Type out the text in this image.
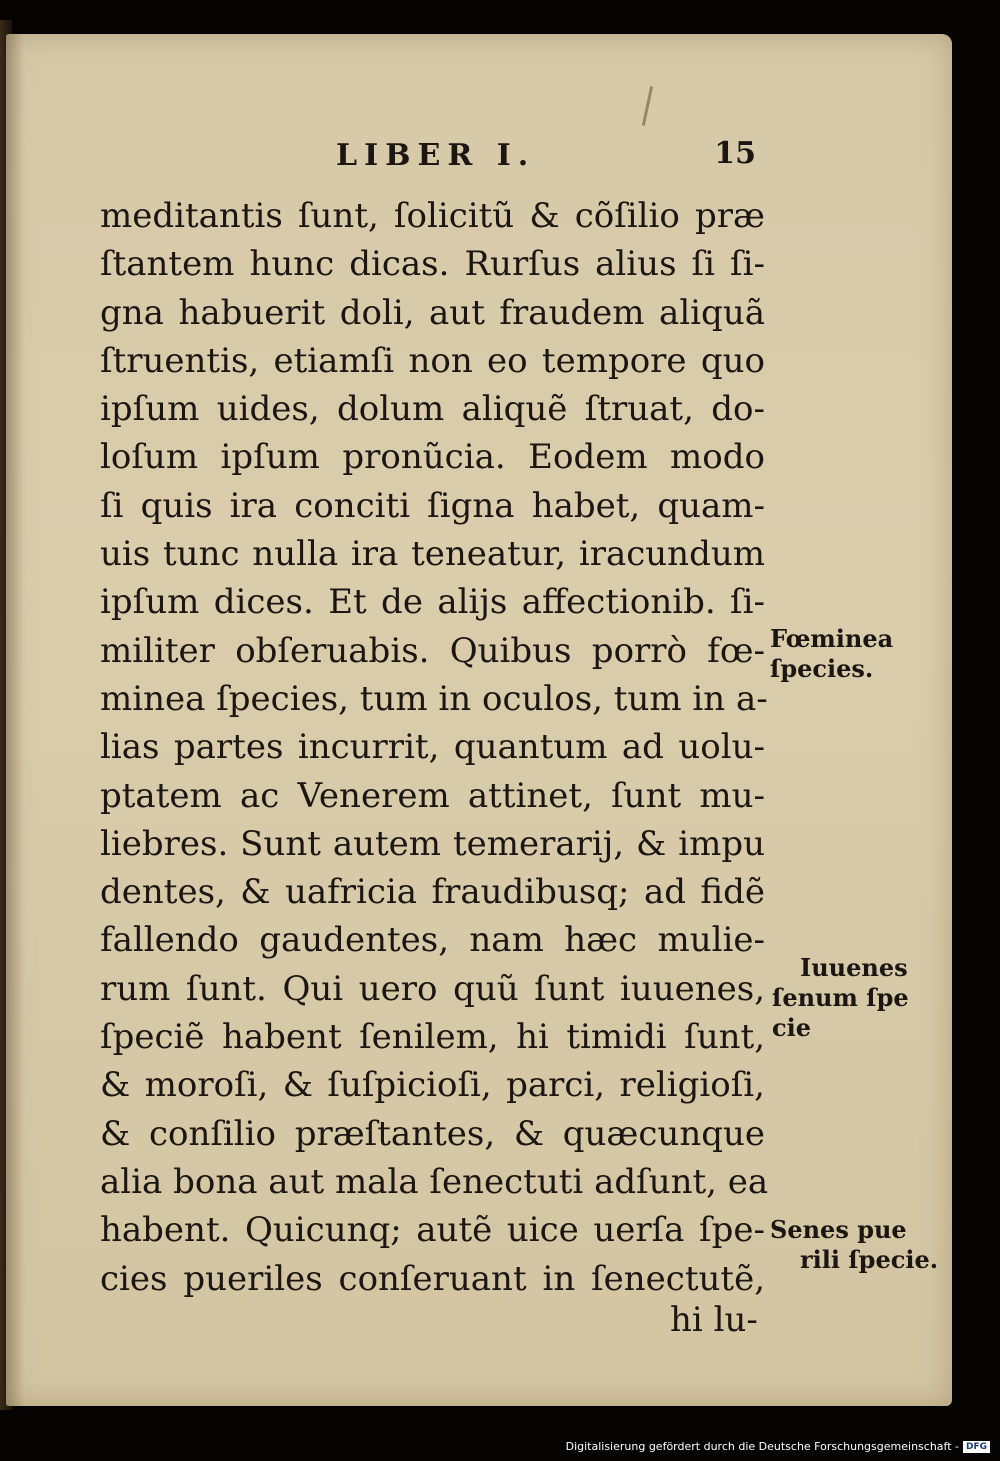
LIBER I.	15
meditantis ſunt, ſolicitũ & cõſilio præ
ſtantem hunc dicas. Rurſus alius ſi ſi-
gna habuerit doli, aut fraudem aliquã
ſtruentis, etiamſi non eo tempore quo
ipſum uides, dolum aliquẽ ſtruat, do-
loſum ipſum pronũcia. Eodem modo
ſi quis ira conciti ſigna habet, quam-
uis tunc nulla ira teneatur, iracundum
ipſum dices. Et de alijs affectionib. ſi-
militer obſeruabis. Quibus porrò fœ-
minea ſpecies, tum in oculos, tum in a-
lias partes incurrit, quantum ad uolu-
ptatem ac Venerem attinet, ſunt mu-
liebres. Sunt autem temerarij, & impu
dentes, & uafricia fraudibusq; ad fidẽ
fallendo gaudentes, nam hæc mulie-
rum ſunt. Qui uero quũ ſunt iuuenes,
ſpeciẽ habent ſenilem, hi timidi ſunt,
& moroſi, & ſuſpicioſi, parci, religioſi,
& conſilio præſtantes, & quæcunque
alia bona aut mala ſenectuti adſunt, ea
habent. Quicunq; autẽ uice uerſa ſpe-
cies pueriles conſeruant in ſenectutẽ,
hi lu-
Fœminea
ſpecies.
Iuuenes
ſenum ſpe
cie
Senes pue
rili ſpecie.
Digitalisierung gefördert durch die Deutsche Forschungsgemeinschaft - DFG
